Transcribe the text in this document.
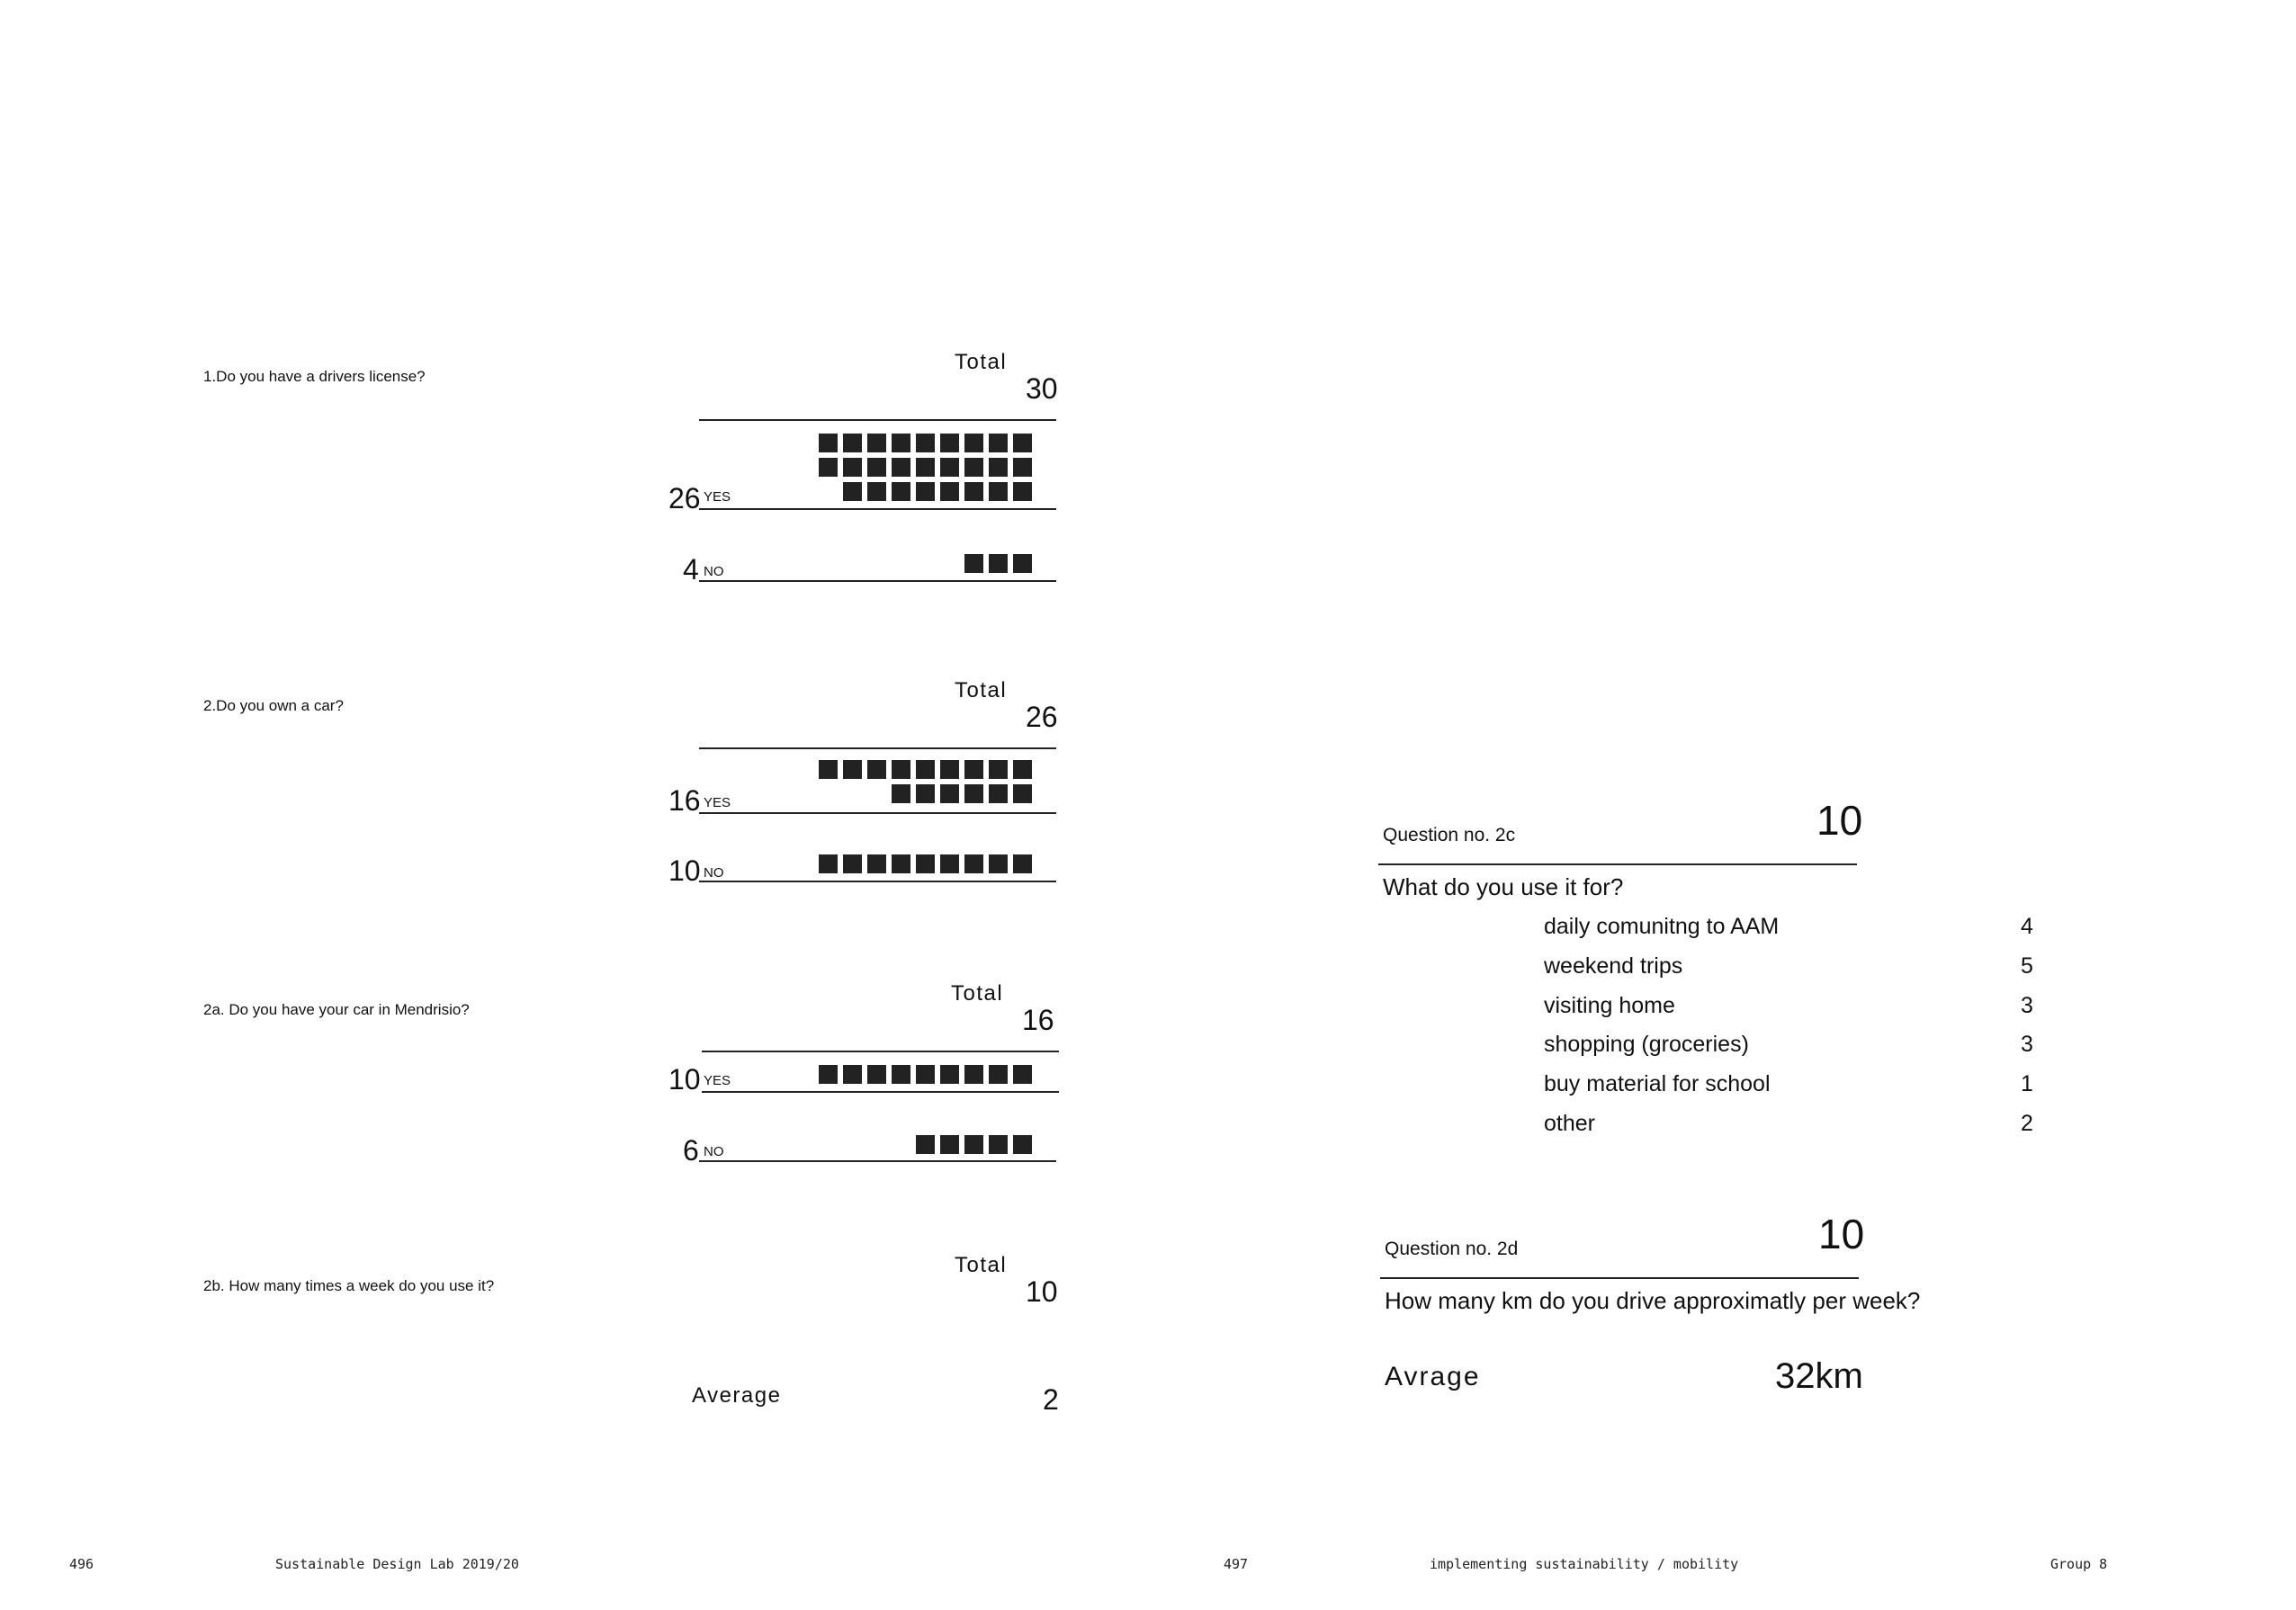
1.Do you have a drivers license?
Total
30
26 YES
4 NO
2.Do you own a car?
Total
26
16 YES
10 NO
2a. Do you have your car in Mendrisio?
Total
16
10 YES
6 NO
2b. How many times a week do you use it?
Total
10
Average	2
Question no. 2c	10
What do you use it for?
daily comunitng to AAM	4
weekend trips	5
visiting home	3
shopping (groceries)	3
buy material for school	1
other	2
Question no. 2d	10
How many km do you drive approximatly per week?
Avrage	32km
496	Sustainable Design Lab 2019/20	497	implementing sustainability / mobility	Group 8
